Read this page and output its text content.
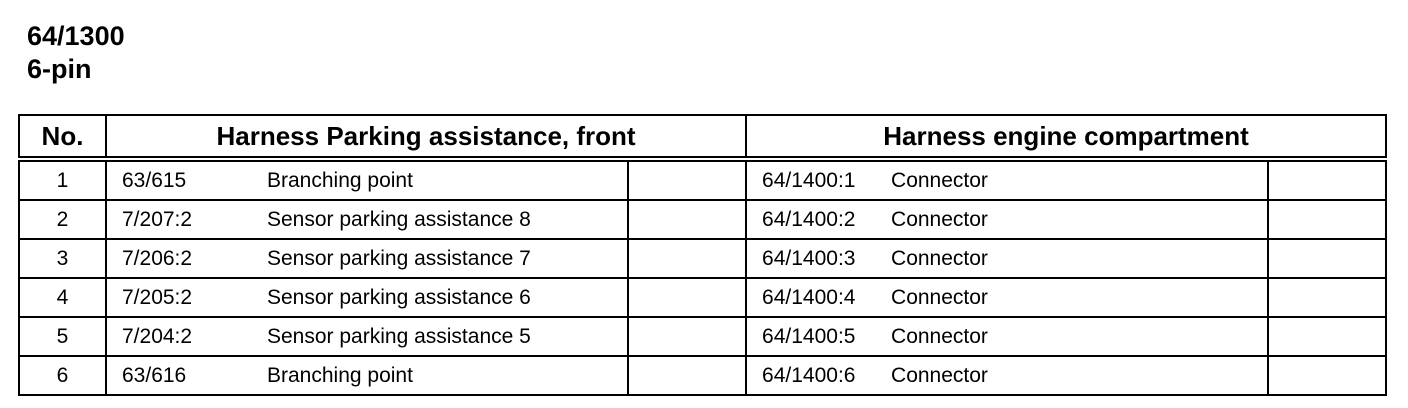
64/1300
6-pin
No.	Harness Parking assistance, front			Harness engine compartment		
1	63/615	Branching point		64/1400:1	Connector	
2	7/207:2	Sensor parking assistance 8		64/1400:2	Connector	
3	7/206:2	Sensor parking assistance 7		64/1400:3	Connector	
4	7/205:2	Sensor parking assistance 6		64/1400:4	Connector	
5	7/204:2	Sensor parking assistance 5		64/1400:5	Connector	
6	63/616	Branching point		64/1400:6	Connector	
